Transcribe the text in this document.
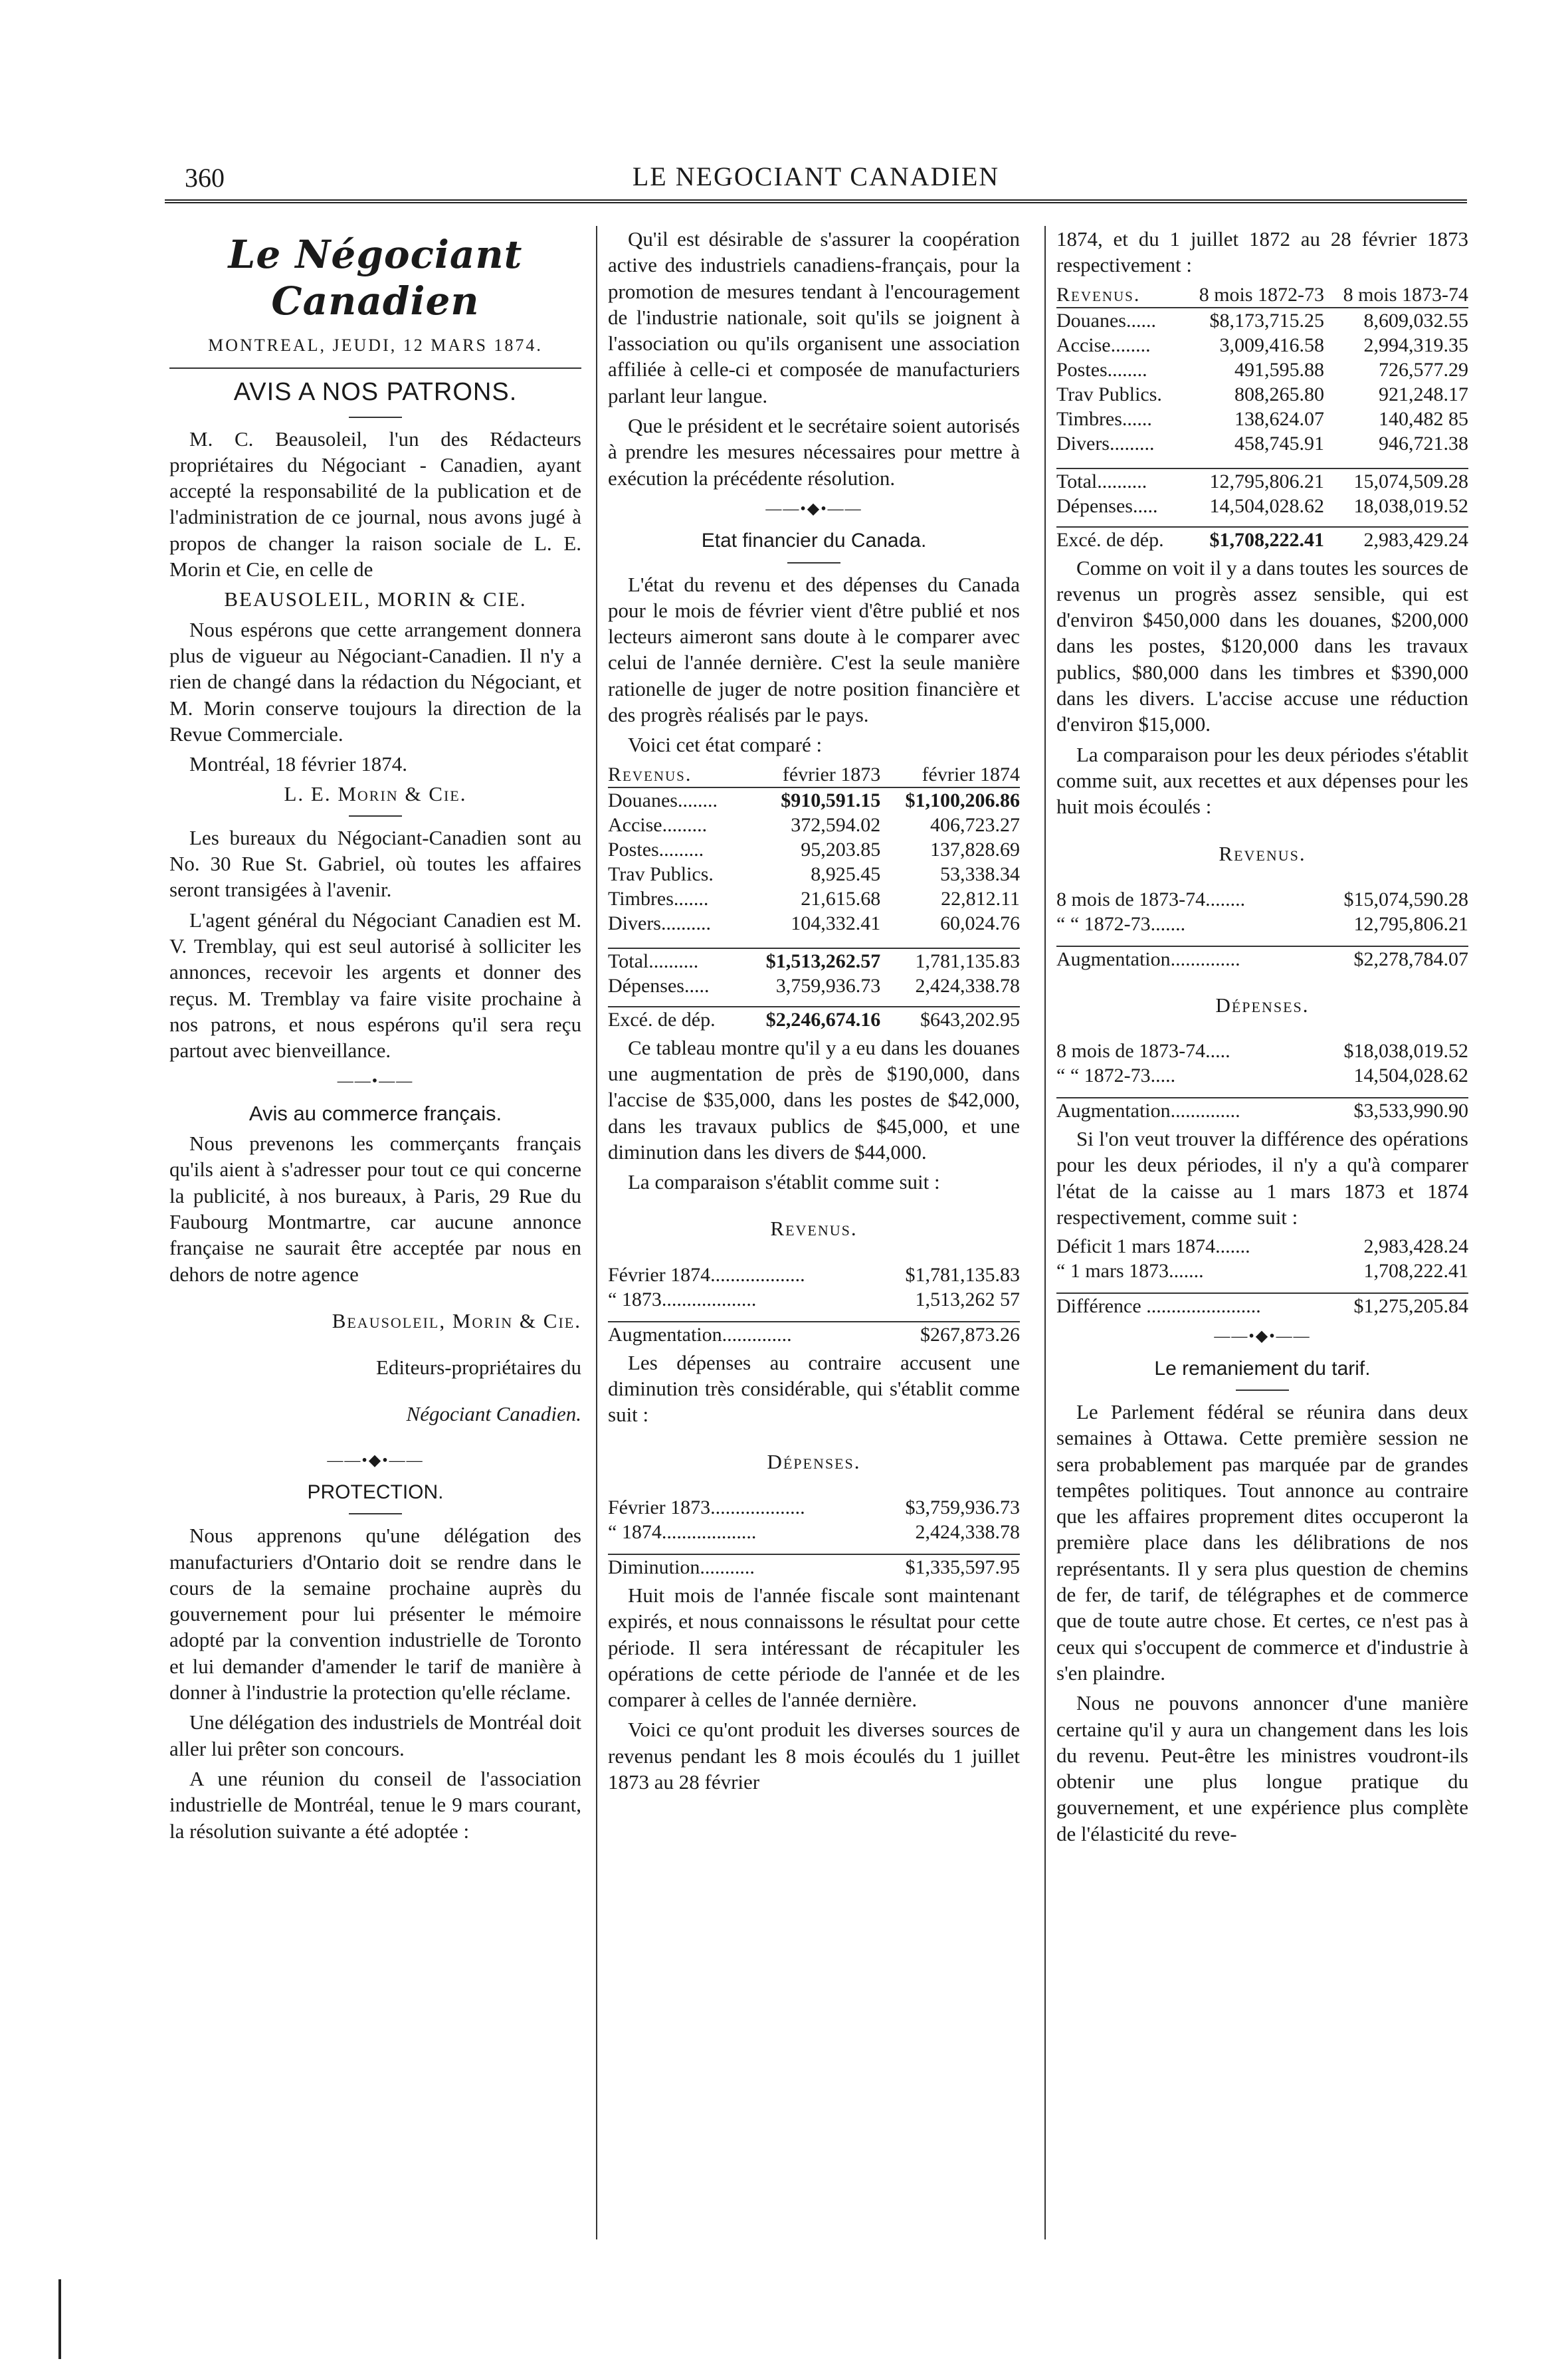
360	LE NEGOCIANT CANADIEN
Le Négociant Canadien
MONTREAL, JEUDI, 12 MARS 1874.
AVIS A NOS PATRONS.

M. C. Beausoleil, l'un des Rédacteurs propriétaires du Négociant - Canadien, ayant accepté la responsabilité de la publication et de l'administration de ce journal, nous avons jugé à propos de changer la raison sociale de L. E. Morin et Cie, en celle de

BEAUSOLEIL, MORIN & CIE.

Nous espérons que cette arrangement donnera plus de vigueur au Négociant-Canadien. Il n'y a rien de changé dans la rédaction du Négociant, et M. Morin conserve toujours la direction de la Revue Commerciale.

Montréal, 18 février 1874.

L. E. Morin & Cie.

Les bureaux du Négociant-Canadien sont au No. 30 Rue St. Gabriel, où toutes les affaires seront transigées à l'avenir.

L'agent général du Négociant Canadien est M. V. Tremblay, qui est seul autorisé à solliciter les annonces, recevoir les argents et donner des reçus. M. Tremblay va faire visite prochaine à nos patrons, et nous espérons qu'il sera reçu partout avec bienveillance.

——•——

Avis au commerce français.

Nous prevenons les commerçants français qu'ils aient à s'adresser pour tout ce qui concerne la publicité, à nos bureaux, à Paris, 29 Rue du Faubourg Montmartre, car aucune annonce française ne saurait être acceptée par nous en dehors de notre agence

Beausoleil, Morin & Cie.

Editeurs-propriétaires du

Négociant Canadien.

——•◆•——
PROTECTION.

Nous apprenons qu'une délégation des manufacturiers d'Ontario doit se rendre dans le cours de la semaine prochaine auprès du gouvernement pour lui présenter le mémoire adopté par la convention industrielle de Toronto et lui demander d'amender le tarif de manière à donner à l'industrie la protection qu'elle réclame.

Une délégation des industriels de Montréal doit aller lui prêter son concours.

A une réunion du conseil de l'association industrielle de Montréal, tenue le 9 mars courant, la résolution suivante a été adoptée :

Qu'il est désirable de s'assurer la coopération active des industriels canadiens-français, pour la promotion de mesures tendant à l'encouragement de l'industrie nationale, soit qu'ils se joignent à l'association ou qu'ils organisent une association affiliée à celle-ci et composée de manufacturiers parlant leur langue.

Que le président et le secrétaire soient autorisés à prendre les mesures nécessaires pour mettre à exécution la précédente résolution.

——•◆•——
Etat financier du Canada.

L'état du revenu et des dépenses du Canada pour le mois de février vient d'être publié et nos lecteurs aimeront sans doute à le comparer avec celui de l'année dernière. C'est la seule manière rationelle de juger de notre position financière et des progrès réalisés par le pays.

Voici cet état comparé :

Revenus.	février 1873	février 1874
Douanes........	$910,591.15	$1,100,206.86
Accise.........	372,594.02	406,723.27
Postes.........	95,203.85	137,828.69
Trav Publics.	8,925.45	53,338.34
Timbres.......	21,615.68	22,812.11
Divers..........	104,332.41	60,024.76

Total..........	$1,513,262.57	1,781,135.83
Dépenses.....	3,759,936.73	2,424,338.78

Excé. de dép.	$2,246,674.16	$643,202.95

Ce tableau montre qu'il y a eu dans les douanes une augmentation de près de $190,000, dans l'accise de $35,000, dans les postes de $42,000, dans les travaux publics de $45,000, et une diminution dans les divers de $44,000.

La comparaison s'établit comme suit :

Revenus.

Février 1874...................	$1,781,135.83
“ 1873...................	1,513,262 57

Augmentation..............	$267,873.26

Les dépenses au contraire accusent une diminution très considérable, qui s'établit comme suit :

Dépenses.

Février 1873...................	$3,759,936.73
“ 1874...................	2,424,338.78

Diminution...........	$1,335,597.95

Huit mois de l'année fiscale sont maintenant expirés, et nous connaissons le résultat pour cette période. Il sera intéressant de récapituler les opérations de cette période de l'année et de les comparer à celles de l'année dernière.

Voici ce qu'ont produit les diverses sources de revenus pendant les 8 mois écoulés du 1 juillet 1873 au 28 février

1874, et du 1 juillet 1872 au 28 février 1873 respectivement :

Revenus.	8 mois 1872-73	8 mois 1873-74
Douanes......	$8,173,715.25	8,609,032.55
Accise........	3,009,416.58	2,994,319.35
Postes........	491,595.88	726,577.29
Trav Publics.	808,265.80	921,248.17
Timbres......	138,624.07	140,482 85
Divers.........	458,745.91	946,721.38

Total..........	12,795,806.21	15,074,509.28
Dépenses.....	14,504,028.62	18,038,019.52

Excé. de dép.	$1,708,222.41	2,983,429.24

Comme on voit il y a dans toutes les sources de revenus un progrès assez sensible, qui est d'environ $450,000 dans les douanes, $200,000 dans les postes, $120,000 dans les travaux publics, $80,000 dans les timbres et $390,000 dans les divers. L'accise accuse une réduction d'environ $15,000.

La comparaison pour les deux périodes s'établit comme suit, aux recettes et aux dépenses pour les huit mois écoulés :

Revenus.

8 mois de 1873-74........	$15,074,590.28
“ “ 1872-73.......	12,795,806.21

Augmentation..............	$2,278,784.07

Dépenses.

8 mois de 1873-74.....	$18,038,019.52
“ “ 1872-73.....	14,504,028.62

Augmentation..............	$3,533,990.90

Si l'on veut trouver la différence des opérations pour les deux périodes, il n'y a qu'à comparer l'état de la caisse au 1 mars 1873 et 1874 respectivement, comme suit :

Déficit 1 mars 1874.......	2,983,428.24
“ 1 mars 1873.......	1,708,222.41

Différence .......................	$1,275,205.84
——•◆•——
Le remaniement du tarif.

Le Parlement fédéral se réunira dans deux semaines à Ottawa. Cette première session ne sera probablement pas marquée par de grandes tempêtes politiques. Tout annonce au contraire que les affaires proprement dites occuperont la première place dans les délibrations de nos représentants. Il y sera plus question de chemins de fer, de tarif, de télégraphes et de commerce que de toute autre chose. Et certes, ce n'est pas à ceux qui s'occupent de commerce et d'industrie à s'en plaindre.

Nous ne pouvons annoncer d'une manière certaine qu'il y aura un changement dans les lois du revenu. Peut-être les ministres voudront-ils obtenir une plus longue pratique du gouvernement, et une expérience plus complète de l'élasticité du reve-
